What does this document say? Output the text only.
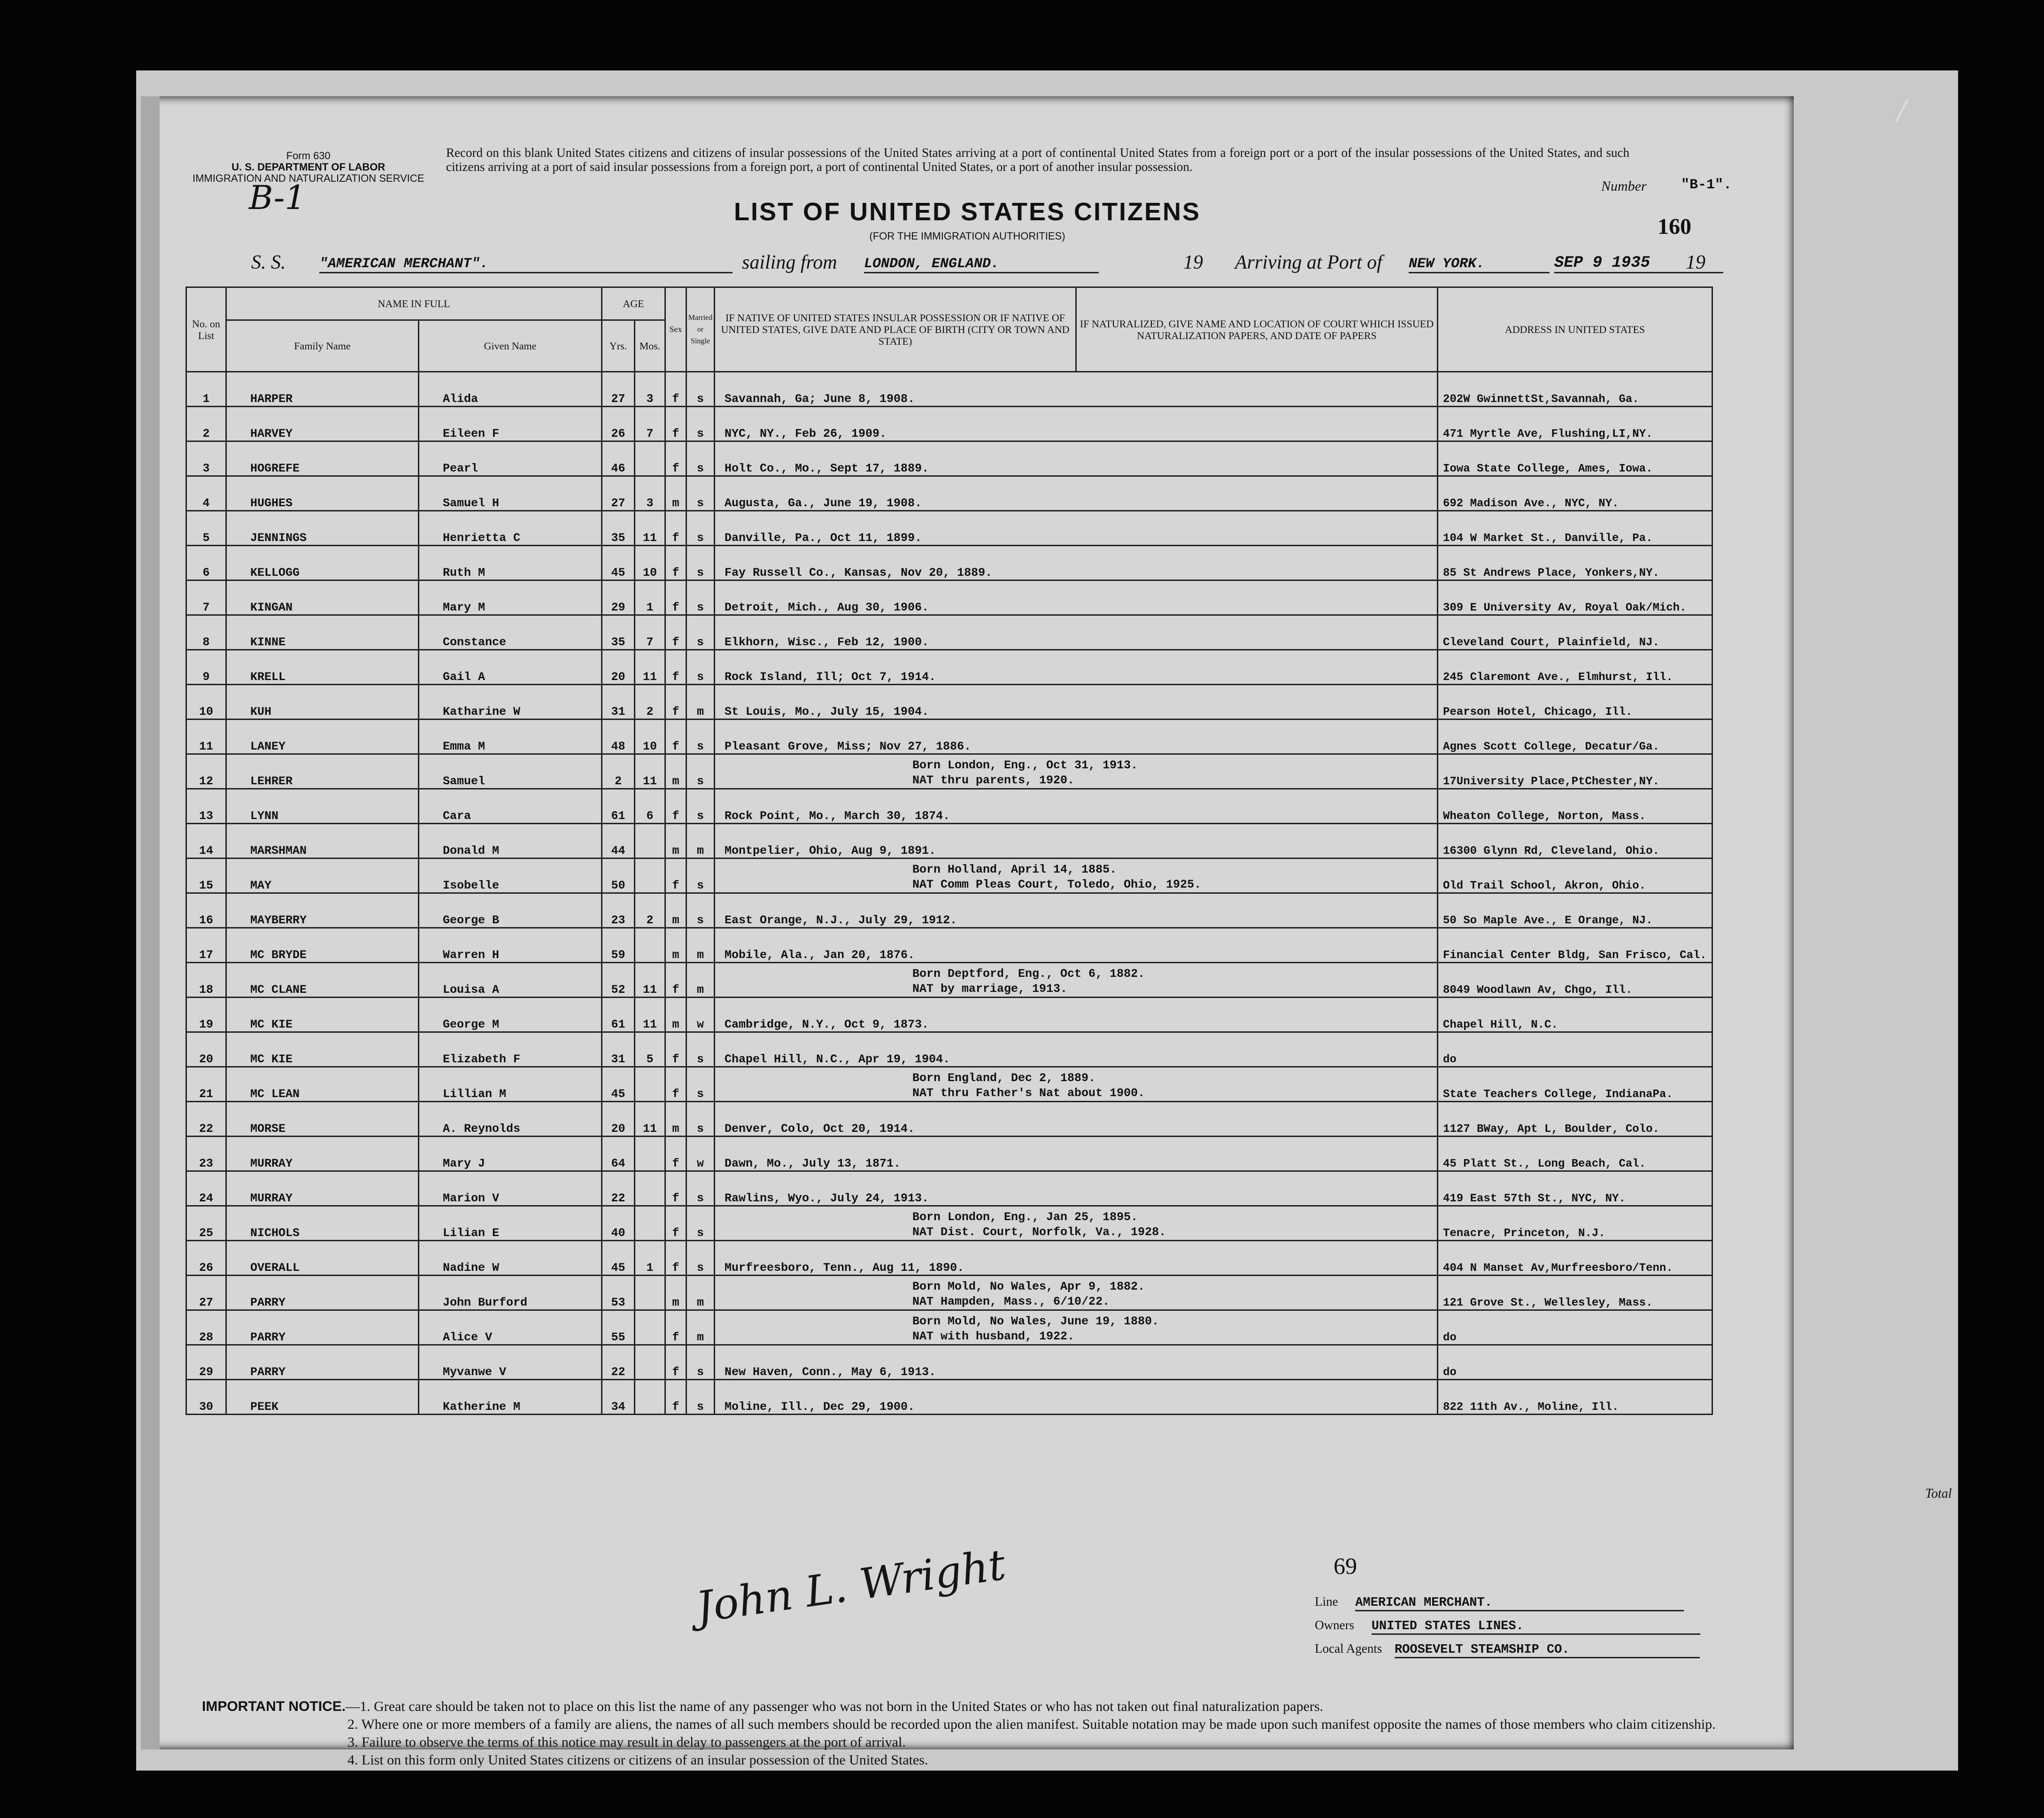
Form 630
U. S. DEPARTMENT OF LABOR
IMMIGRATION AND NATURALIZATION SERVICE
B-1
Record on this blank United States citizens and citizens of insular possessions of the United States arriving at a port of continental United States from a foreign port or a port of the insular possessions of the United States, and such citizens arriving at a port of said insular possessions from a foreign port, a port of continental United States, or a port of another insular possession.
Number "B-1".
LIST OF UNITED STATES CITIZENS
(FOR THE IMMIGRATION AUTHORITIES)	160
S. S. "AMERICAN MERCHANT".	sailing from LONDON, ENGLAND.	19	Arriving at Port of NEW YORK.	SEP 9 1935	19
No. on List	NAME IN FULL		AGE		Sex	Married or Single	IF NATIVE OF UNITED STATES INSULAR POSSESSION OR IF NATIVE OF UNITED STATES, GIVE DATE AND PLACE OF BIRTH (CITY OR TOWN AND STATE)	IF NATURALIZED, GIVE NAME AND LOCATION OF COURT WHICH ISSUED NATURALIZATION PAPERS, AND DATE OF PAPERS	ADDRESS IN UNITED STATES
	Family Name	Given Name	Yrs.	Mos.					
1	HARPER	Alida	27	3	f	s	Savannah, Ga; June 8, 1908.		202W GwinnettSt,Savannah, Ga.
2	HARVEY	Eileen F	26	7	f	s	NYC, NY., Feb 26, 1909.		471 Myrtle Ave, Flushing,LI,NY.
3	HOGREFE	Pearl	46		f	s	Holt Co., Mo., Sept 17, 1889.		Iowa State College, Ames, Iowa.
4	HUGHES	Samuel H	27	3	m	s	Augusta, Ga., June 19, 1908.		692 Madison Ave., NYC, NY.
5	JENNINGS	Henrietta C	35	11	f	s	Danville, Pa., Oct 11, 1899.		104 W Market St., Danville, Pa.
6	KELLOGG	Ruth M	45	10	f	s	Fay Russell Co., Kansas, Nov 20, 1889.		85 St Andrews Place, Yonkers,NY.
7	KINGAN	Mary M	29	1	f	s	Detroit, Mich., Aug 30, 1906.		309 E University Av, Royal Oak/Mich.
8	KINNE	Constance	35	7	f	s	Elkhorn, Wisc., Feb 12, 1900.		Cleveland Court, Plainfield, NJ.
9	KRELL	Gail A	20	11	f	s	Rock Island, Ill; Oct 7, 1914.		245 Claremont Ave., Elmhurst, Ill.
10	KUH	Katharine W	31	2	f	m	St Louis, Mo., July 15, 1904.		Pearson Hotel, Chicago, Ill.
11	LANEY	Emma M	48	10	f	s	Pleasant Grove, Miss; Nov 27, 1886.		Agnes Scott College, Decatur/Ga.
12	LEHRER	Samuel	2	11	m	s	Born London, Eng., Oct 31, 1913.
NAT thru parents, 1920.		17University Place,PtChester,NY.
13	LYNN	Cara	61	6	f	s	Rock Point, Mo., March 30, 1874.		Wheaton College, Norton, Mass.
14	MARSHMAN	Donald M	44		m	m	Montpelier, Ohio, Aug 9, 1891.		16300 Glynn Rd, Cleveland, Ohio.
15	MAY	Isobelle	50		f	s	Born Holland, April 14, 1885.
NAT Comm Pleas Court, Toledo, Ohio, 1925.		Old Trail School, Akron, Ohio.
16	MAYBERRY	George B	23	2	m	s	East Orange, N.J., July 29, 1912.		50 So Maple Ave., E Orange, NJ.
17	MC BRYDE	Warren H	59		m	m	Mobile, Ala., Jan 20, 1876.		Financial Center Bldg, San Frisco, Cal.
18	MC CLANE	Louisa A	52	11	f	m	Born Deptford, Eng., Oct 6, 1882.
NAT by marriage, 1913.		8049 Woodlawn Av, Chgo, Ill.
19	MC KIE	George M	61	11	m	w	Cambridge, N.Y., Oct 9, 1873.		Chapel Hill, N.C.
20	MC KIE	Elizabeth F	31	5	f	s	Chapel Hill, N.C., Apr 19, 1904.		do
21	MC LEAN	Lillian M	45		f	s	Born England, Dec 2, 1889.
NAT thru Father's Nat about 1900.		State Teachers College, IndianaPa.
22	MORSE	A. Reynolds	20	11	m	s	Denver, Colo, Oct 20, 1914.		1127 BWay, Apt L, Boulder, Colo.
23	MURRAY	Mary J	64		f	w	Dawn, Mo., July 13, 1871.		45 Platt St., Long Beach, Cal.
24	MURRAY	Marion V	22		f	s	Rawlins, Wyo., July 24, 1913.		419 East 57th St., NYC, NY.
25	NICHOLS	Lilian E	40		f	s	Born London, Eng., Jan 25, 1895.
NAT Dist. Court, Norfolk, Va., 1928.		Tenacre, Princeton, N.J.
26	OVERALL	Nadine W	45	1	f	s	Murfreesboro, Tenn., Aug 11, 1890.		404 N Manset Av,Murfreesboro/Tenn.
27	PARRY	John Burford	53		m	m	Born Mold, No Wales, Apr 9, 1882.
NAT Hampden, Mass., 6/10/22.		121 Grove St., Wellesley, Mass.
28	PARRY	Alice V	55		f	m	Born Mold, No Wales, June 19, 1880.
NAT with husband, 1922.		do
29	PARRY	Myvanwe V	22		f	s	New Haven, Conn., May 6, 1913.		do
30	PEEK	Katherine M	34		f	s	Moline, Ill., Dec 29, 1900.		822 11th Av., Moline, Ill.
69
John L. Wright
Total
Line AMERICAN MERCHANT.
Owners UNITED STATES LINES.
Local Agents ROOSEVELT STEAMSHIP CO.
IMPORTANT NOTICE.—1. Great care should be taken not to place on this list the name of any passenger who was not born in the United States or who has not taken out final naturalization papers.
2. Where one or more members of a family are aliens, the names of all such members should be recorded upon the alien manifest. Suitable notation may be made upon such manifest opposite the names of those members who claim citizenship.
3. Failure to observe the terms of this notice may result in delay to passengers at the port of arrival.
4. List on this form only United States citizens or citizens of an insular possession of the United States.
/
